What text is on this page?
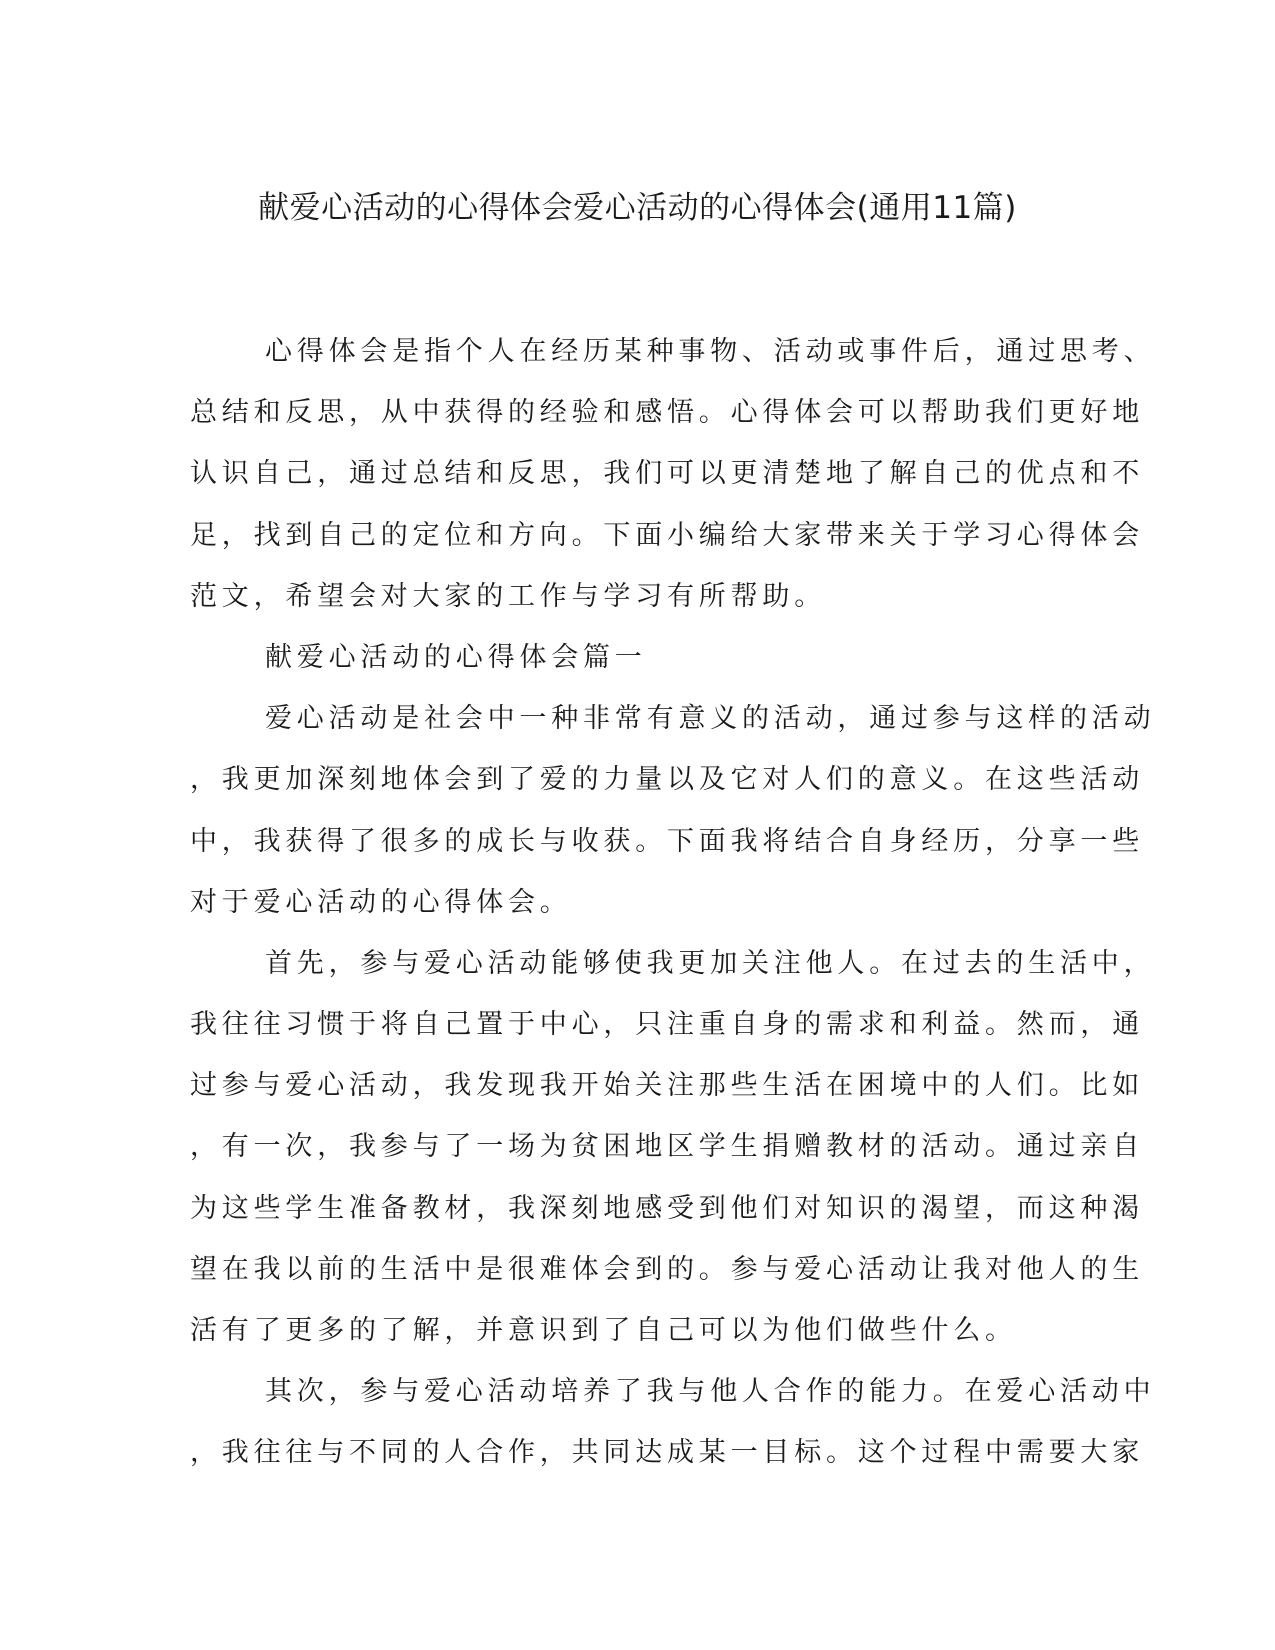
献爱心活动的心得体会爱心活动的心得体会(通用11篇)
心得体会是指个人在经历某种事物、活动或事件后，通过思考、
总结和反思，从中获得的经验和感悟。心得体会可以帮助我们更好地
认识自己，通过总结和反思，我们可以更清楚地了解自己的优点和不
足，找到自己的定位和方向。下面小编给大家带来关于学习心得体会
范文，希望会对大家的工作与学习有所帮助。
献爱心活动的心得体会篇一
爱心活动是社会中一种非常有意义的活动，通过参与这样的活动
，我更加深刻地体会到了爱的力量以及它对人们的意义。在这些活动
中，我获得了很多的成长与收获。下面我将结合自身经历，分享一些
对于爱心活动的心得体会。
首先，参与爱心活动能够使我更加关注他人。在过去的生活中，
我往往习惯于将自己置于中心，只注重自身的需求和利益。然而，通
过参与爱心活动，我发现我开始关注那些生活在困境中的人们。比如
，有一次，我参与了一场为贫困地区学生捐赠教材的活动。通过亲自
为这些学生准备教材，我深刻地感受到他们对知识的渴望，而这种渴
望在我以前的生活中是很难体会到的。参与爱心活动让我对他人的生
活有了更多的了解，并意识到了自己可以为他们做些什么。
其次，参与爱心活动培养了我与他人合作的能力。在爱心活动中
，我往往与不同的人合作，共同达成某一目标。这个过程中需要大家
